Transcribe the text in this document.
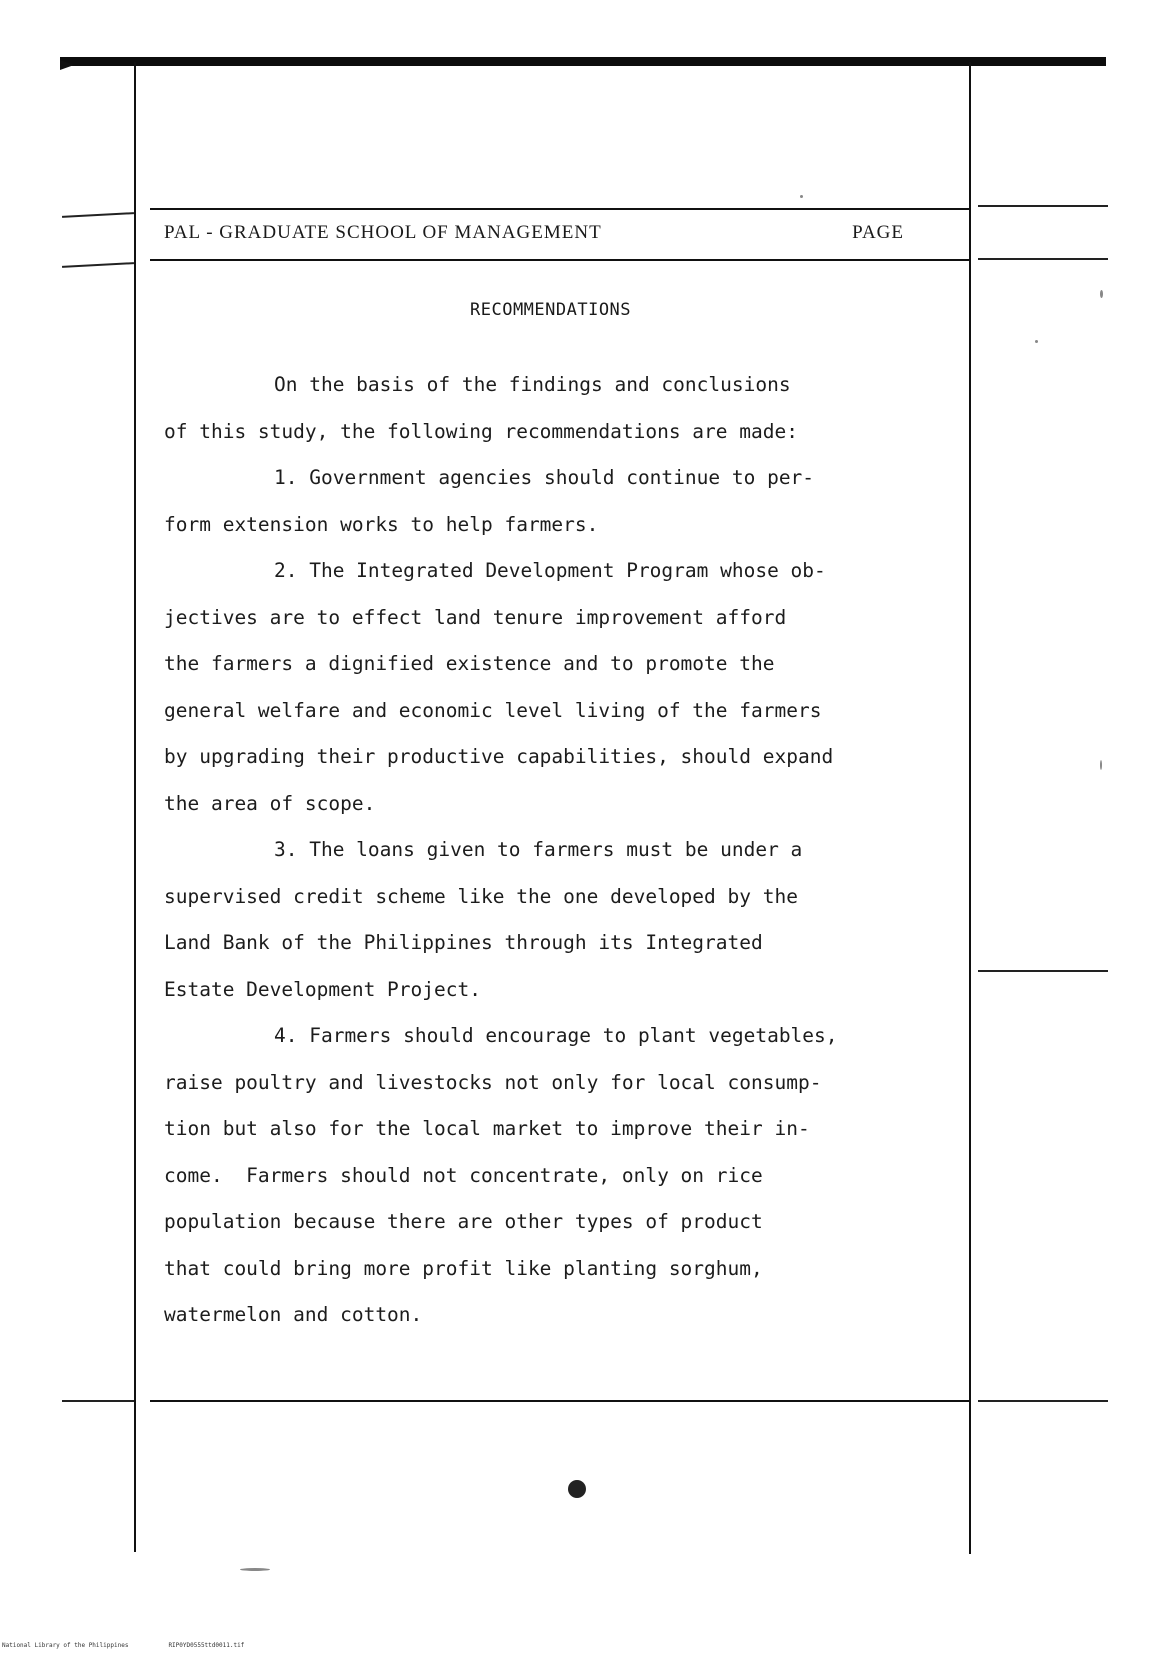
PAL - GRADUATE SCHOOL OF MANAGEMENT	PAGE
RECOMMENDATIONS
On the basis of the findings and conclusions
of this study, the following recommendations are made:
1. Government agencies should continue to per-
form extension works to help farmers.
2. The Integrated Development Program whose ob-
jectives are to effect land tenure improvement afford
the farmers a dignified existence and to promote the
general welfare and economic level living of the farmers
by upgrading their productive capabilities, should expand
the area of scope.
3. The loans given to farmers must be under a
supervised credit scheme like the one developed by the
Land Bank of the Philippines through its Integrated
Estate Development Project.
4. Farmers should encourage to plant vegetables,
raise poultry and livestocks not only for local consump-
tion but also for the local market to improve their in-
come.  Farmers should not concentrate, only on rice
population because there are other types of product
that could bring more profit like planting sorghum,
watermelon and cotton.
National Library of the Philippines	RIP0YD0555ttd0011.tif
